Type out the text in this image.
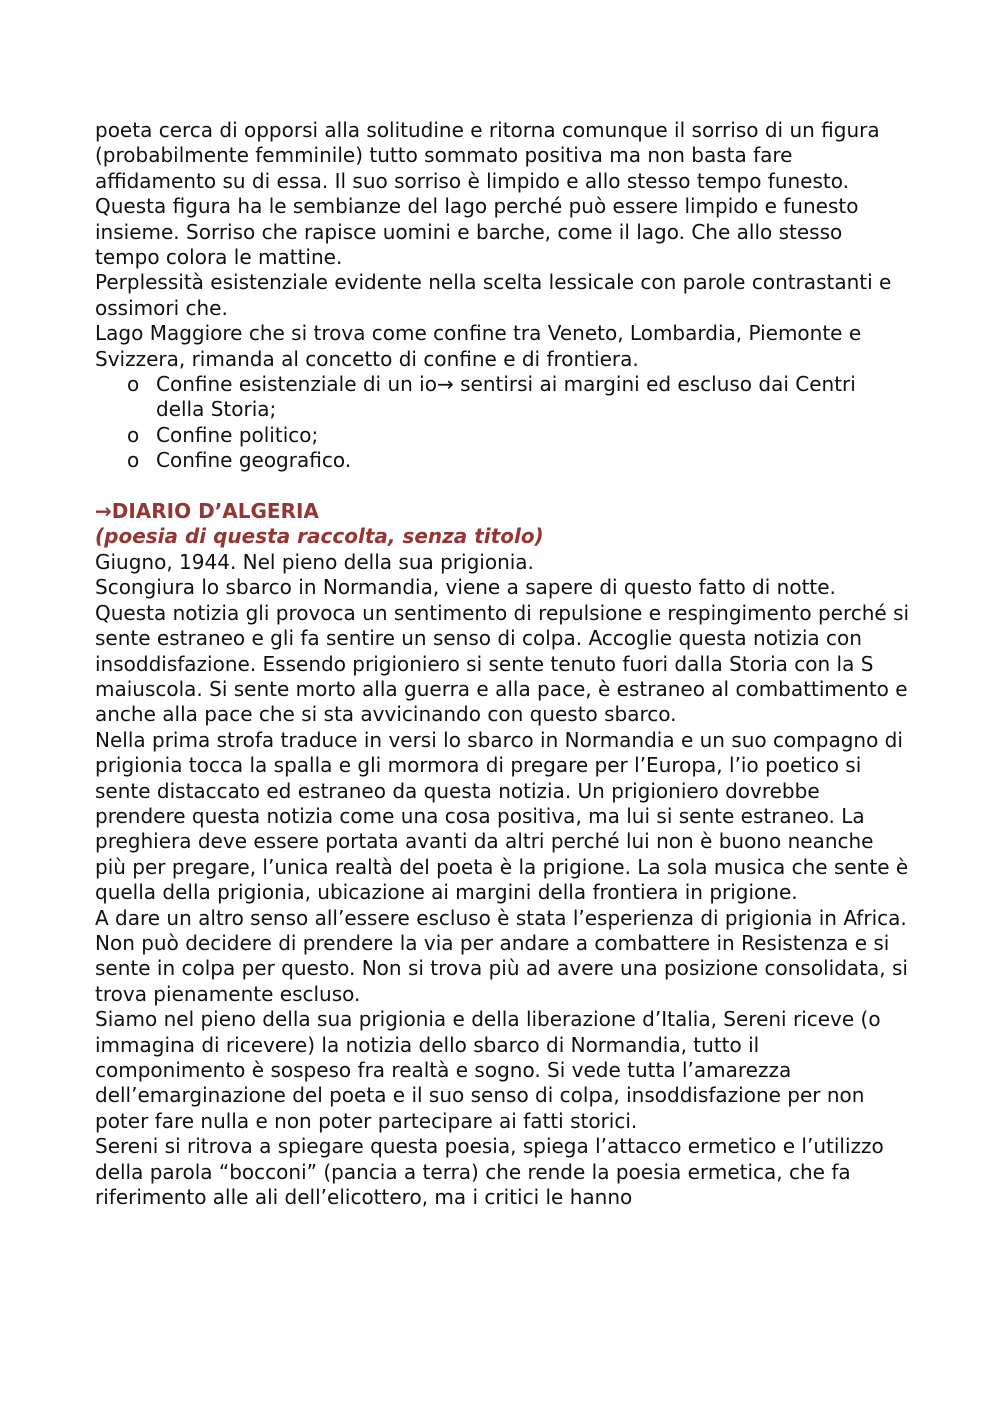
poeta cerca di opporsi alla solitudine e ritorna comunque il sorriso di un figura (probabilmente femminile) tutto sommato positiva ma non basta fare affidamento su di essa. Il suo sorriso è limpido e allo stesso tempo funesto. Questa figura ha le sembianze del lago perché può essere limpido e funesto insieme. Sorriso che rapisce uomini e barche, come il lago. Che allo stesso tempo colora le mattine.

Perplessità esistenziale evidente nella scelta lessicale con parole contrastanti e ossimori che.

Lago Maggiore che si trova come confine tra Veneto, Lombardia, Piemonte e Svizzera, rimanda al concetto di confine e di frontiera.

o Confine esistenziale di un io→ sentirsi ai margini ed escluso dai Centri della Storia;
o Confine politico;
o Confine geografico.

→DIARIO D’ALGERIA

(poesia di questa raccolta, senza titolo)

Giugno, 1944. Nel pieno della sua prigionia.

Scongiura lo sbarco in Normandia, viene a sapere di questo fatto di notte. Questa notizia gli provoca un sentimento di repulsione e respingimento perché si sente estraneo e gli fa sentire un senso di colpa. Accoglie questa notizia con insoddisfazione. Essendo prigioniero si sente tenuto fuori dalla Storia con la S maiuscola. Si sente morto alla guerra e alla pace, è estraneo al combattimento e anche alla pace che si sta avvicinando con questo sbarco.

Nella prima strofa traduce in versi lo sbarco in Normandia e un suo compagno di prigionia tocca la spalla e gli mormora di pregare per l’Europa, l’io poetico si sente distaccato ed estraneo da questa notizia. Un prigioniero dovrebbe prendere questa notizia come una cosa positiva, ma lui si sente estraneo. La preghiera deve essere portata avanti da altri perché lui non è buono neanche più per pregare, l’unica realtà del poeta è la prigione. La sola musica che sente è quella della prigionia, ubicazione ai margini della frontiera in prigione.

A dare un altro senso all’essere escluso è stata l’esperienza di prigionia in Africa. Non può decidere di prendere la via per andare a combattere in Resistenza e si sente in colpa per questo. Non si trova più ad avere una posizione consolidata, si trova pienamente escluso.

Siamo nel pieno della sua prigionia e della liberazione d’Italia, Sereni riceve (o immagina di ricevere) la notizia dello sbarco di Normandia, tutto il componimento è sospeso fra realtà e sogno. Si vede tutta l’amarezza dell’emarginazione del poeta e il suo senso di colpa, insoddisfazione per non poter fare nulla e non poter partecipare ai fatti storici.

Sereni si ritrova a spiegare questa poesia, spiega l’attacco ermetico e l’utilizzo della parola “bocconi” (pancia a terra) che rende la poesia ermetica, che fa riferimento alle ali dell’elicottero, ma i critici le hanno
